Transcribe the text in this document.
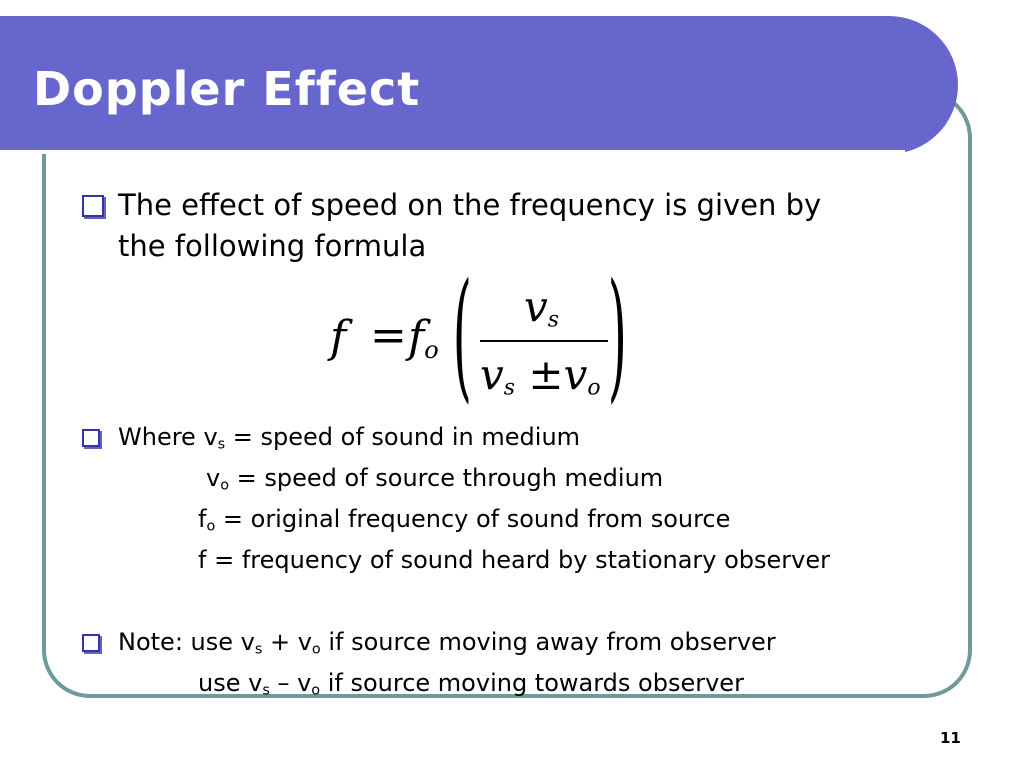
Doppler Effect
The effect of speed on the frequency is given by
the following formula
$f = f_o$ ( $v_s$
$v_s \pm v_o$ )
Where $v_s$ = speed of sound in medium
$v_o$ = speed of source through medium
$f_o$ = original frequency of sound from source
f = frequency of sound heard by stationary observer
Note: use $v_s + v_o$ if source moving away from observer
use $v_s - v_o$ if source moving towards observer
11
